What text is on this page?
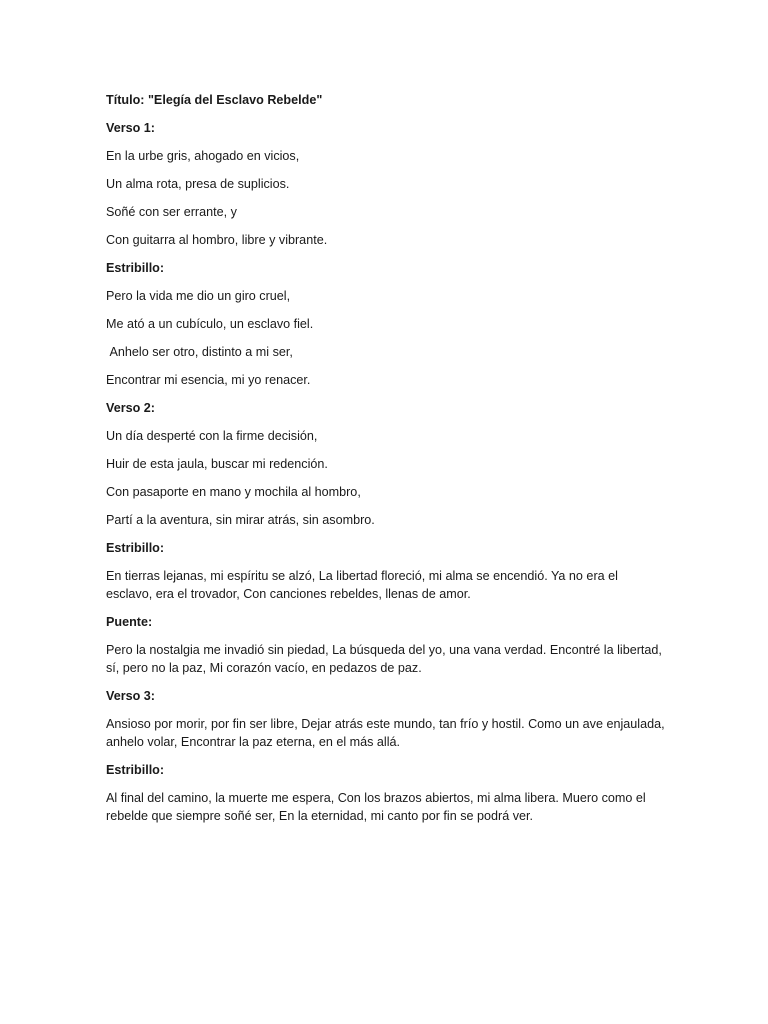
Título: "Elegía del Esclavo Rebelde"

Verso 1:

En la urbe gris, ahogado en vicios,

Un alma rota, presa de suplicios.

Soñé con ser errante, y

Con guitarra al hombro, libre y vibrante.

Estribillo:

Pero la vida me dio un giro cruel,

Me ató a un cubículo, un esclavo fiel.

Anhelo ser otro, distinto a mi ser,

Encontrar mi esencia, mi yo renacer.

Verso 2:

Un día desperté con la firme decisión,

Huir de esta jaula, buscar mi redención.

Con pasaporte en mano y mochila al hombro,

Partí a la aventura, sin mirar atrás, sin asombro.

Estribillo:

En tierras lejanas, mi espíritu se alzó, La libertad floreció, mi alma se encendió. Ya no era el esclavo, era el trovador, Con canciones rebeldes, llenas de amor.

Puente:

Pero la nostalgia me invadió sin piedad, La búsqueda del yo, una vana verdad. Encontré la libertad, sí, pero no la paz, Mi corazón vacío, en pedazos de paz.

Verso 3:

Ansioso por morir, por fin ser libre, Dejar atrás este mundo, tan frío y hostil. Como un ave enjaulada, anhelo volar, Encontrar la paz eterna, en el más allá.

Estribillo:

Al final del camino, la muerte me espera, Con los brazos abiertos, mi alma libera. Muero como el rebelde que siempre soñé ser, En la eternidad, mi canto por fin se podrá ver.
